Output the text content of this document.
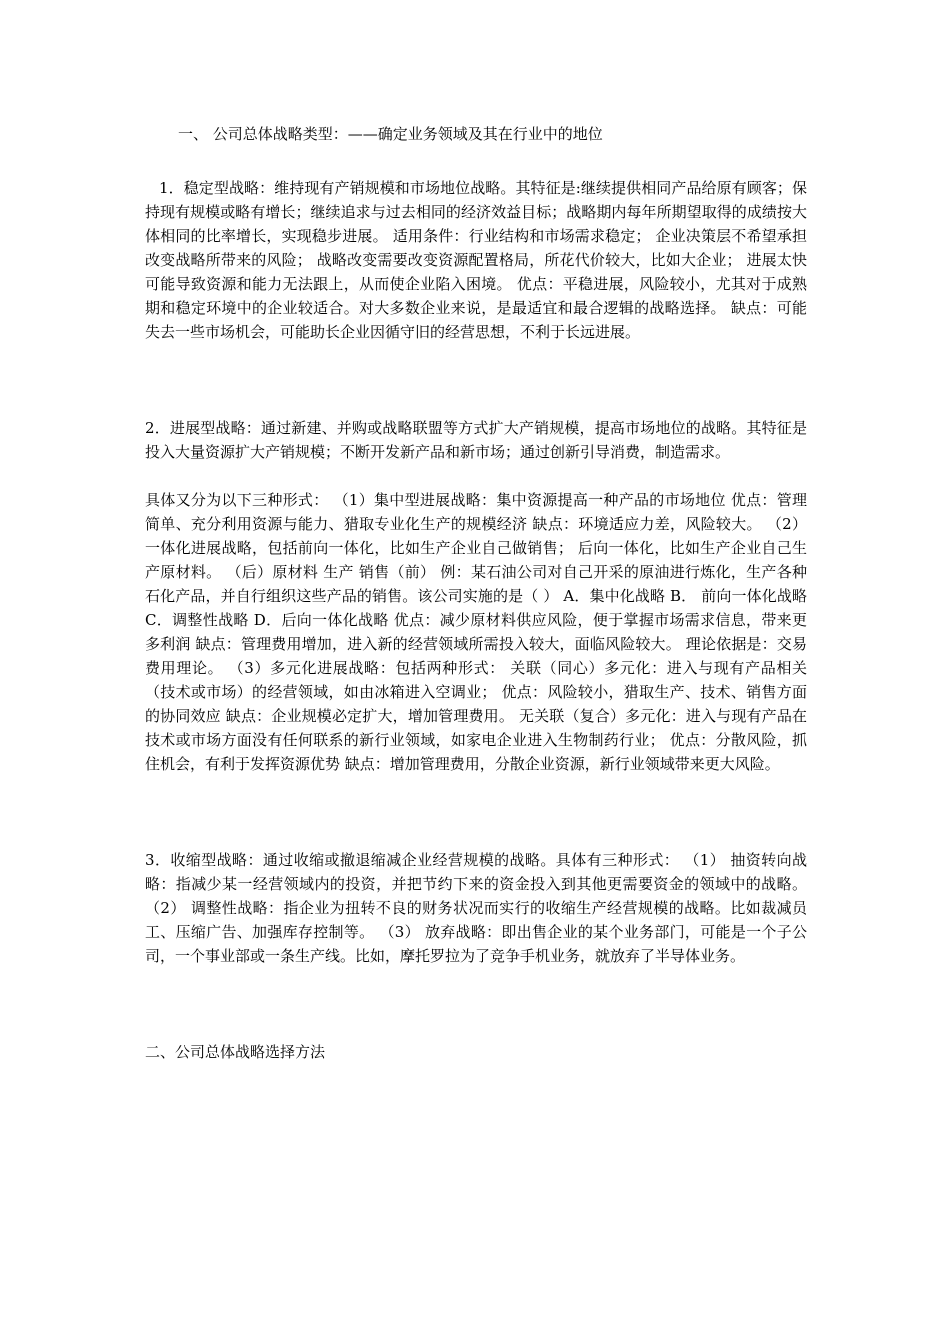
一、 公司总体战略类型：——确定业务领域及其在行业中的地位

1．稳定型战略：维持现有产销规模和市场地位战略。其特征是:继续提供相同产品给原有顾客；保持现有规模或略有增长；继续追求与过去相同的经济效益目标；战略期内每年所期望取得的成绩按大体相同的比率增长，实现稳步进展。 适用条件：行业结构和市场需求稳定； 企业决策层不希望承担改变战略所带来的风险； 战略改变需要改变资源配置格局，所花代价较大，比如大企业； 进展太快可能导致资源和能力无法跟上，从而使企业陷入困境。 优点：平稳进展，风险较小，尤其对于成熟期和稳定环境中的企业较适合。对大多数企业来说，是最适宜和最合逻辑的战略选择。 缺点：可能失去一些市场机会，可能助长企业因循守旧的经营思想，不利于长远进展。

2．进展型战略：通过新建、并购或战略联盟等方式扩大产销规模，提高市场地位的战略。其特征是投入大量资源扩大产销规模；不断开发新产品和新市场；通过创新引导消费，制造需求。

具体又分为以下三种形式： （1）集中型进展战略：集中资源提高一种产品的市场地位 优点：管理简单、充分利用资源与能力、猎取专业化生产的规模经济 缺点：环境适应力差，风险较大。 （2）一体化进展战略，包括前向一体化，比如生产企业自己做销售； 后向一体化，比如生产企业自己生产原材料。 （后）原材料 生产 销售（前） 例：某石油公司对自己开采的原油进行炼化，生产各种石化产品，并自行组织这些产品的销售。该公司实施的是（ ） A．集中化战略 B． 前向一体化战略 C．调整性战略 D．后向一体化战略 优点：减少原材料供应风险，便于掌握市场需求信息，带来更多利润 缺点：管理费用增加，进入新的经营领域所需投入较大，面临风险较大。 理论依据是：交易费用理论。 （3）多元化进展战略：包括两种形式： 关联（同心）多元化：进入与现有产品相关（技术或市场）的经营领域，如由冰箱进入空调业； 优点：风险较小，猎取生产、技术、销售方面的协同效应 缺点：企业规模必定扩大，增加管理费用。 无关联（复合）多元化：进入与现有产品在技术或市场方面没有任何联系的新行业领域，如家电企业进入生物制药行业； 优点：分散风险，抓住机会，有利于发挥资源优势 缺点：增加管理费用，分散企业资源，新行业领域带来更大风险。

3．收缩型战略：通过收缩或撤退缩减企业经营规模的战略。具体有三种形式： （1） 抽资转向战略：指减少某一经营领域内的投资，并把节约下来的资金投入到其他更需要资金的领域中的战略。 （2） 调整性战略：指企业为扭转不良的财务状况而实行的收缩生产经营规模的战略。比如裁减员工、压缩广告、加强库存控制等。 （3） 放弃战略：即出售企业的某个业务部门，可能是一个子公司，一个事业部或一条生产线。比如，摩托罗拉为了竞争手机业务，就放弃了半导体业务。

二、公司总体战略选择方法
